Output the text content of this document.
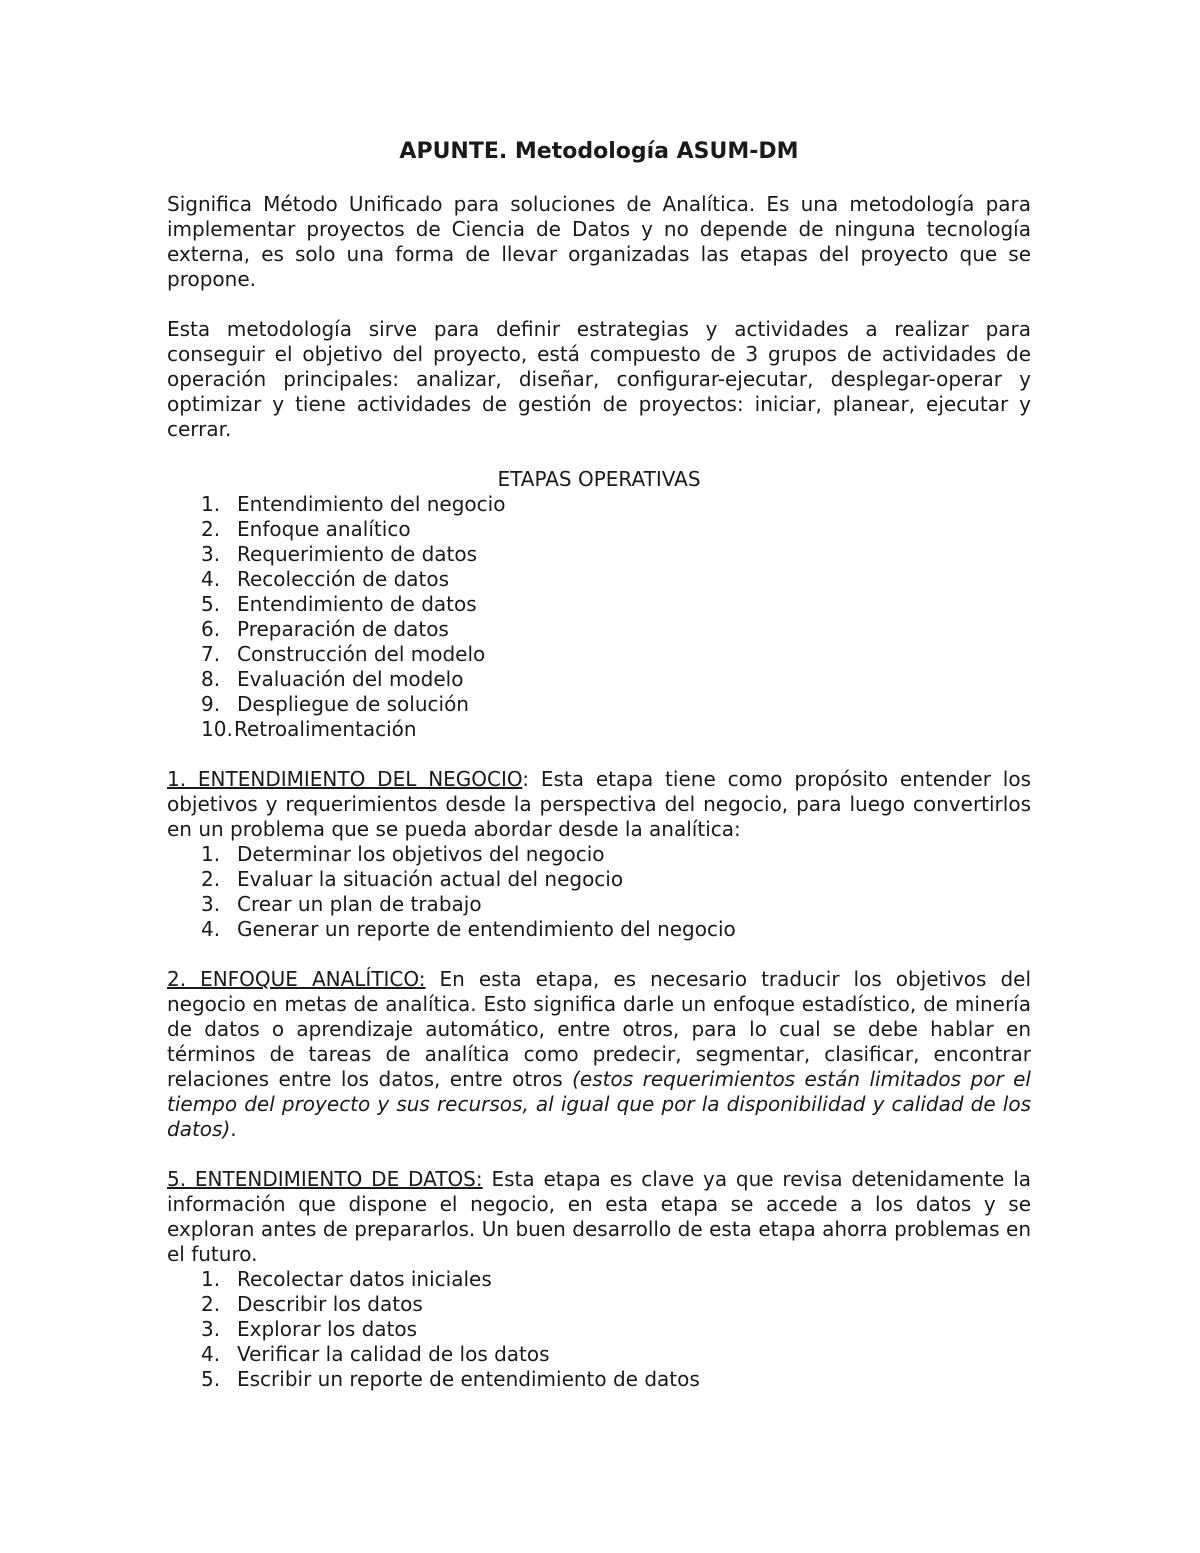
APUNTE. Metodología ASUM-DM

Significa Método Unificado para soluciones de Analítica. Es una metodología para implementar proyectos de Ciencia de Datos y no depende de ninguna tecnología externa, es solo una forma de llevar organizadas las etapas del proyecto que se propone.

Esta metodología sirve para definir estrategias y actividades a realizar para conseguir el objetivo del proyecto, está compuesto de 3 grupos de actividades de operación principales: analizar, diseñar, configurar-ejecutar, desplegar-operar y optimizar y tiene actividades de gestión de proyectos: iniciar, planear, ejecutar y cerrar.

ETAPAS OPERATIVAS
1. Entendimiento del negocio
2. Enfoque analítico
3. Requerimiento de datos
4. Recolección de datos
5. Entendimiento de datos
6. Preparación de datos
7. Construcción del modelo
8. Evaluación del modelo
9. Despliegue de solución
10. Retroalimentación

1. ENTENDIMIENTO DEL NEGOCIO: Esta etapa tiene como propósito entender los objetivos y requerimientos desde la perspectiva del negocio, para luego convertirlos en un problema que se pueda abordar desde la analítica:

1. Determinar los objetivos del negocio
2. Evaluar la situación actual del negocio
3. Crear un plan de trabajo
4. Generar un reporte de entendimiento del negocio

2. ENFOQUE ANALÍTICO: En esta etapa, es necesario traducir los objetivos del negocio en metas de analítica. Esto significa darle un enfoque estadístico, de minería de datos o aprendizaje automático, entre otros, para lo cual se debe hablar en términos de tareas de analítica como predecir, segmentar, clasificar, encontrar relaciones entre los datos, entre otros (estos requerimientos están limitados por el tiempo del proyecto y sus recursos, al igual que por la disponibilidad y calidad de los datos).

5. ENTENDIMIENTO DE DATOS: Esta etapa es clave ya que revisa detenidamente la información que dispone el negocio, en esta etapa se accede a los datos y se exploran antes de prepararlos. Un buen desarrollo de esta etapa ahorra problemas en el futuro.

1. Recolectar datos iniciales
2. Describir los datos
3. Explorar los datos
4. Verificar la calidad de los datos
5. Escribir un reporte de entendimiento de datos
